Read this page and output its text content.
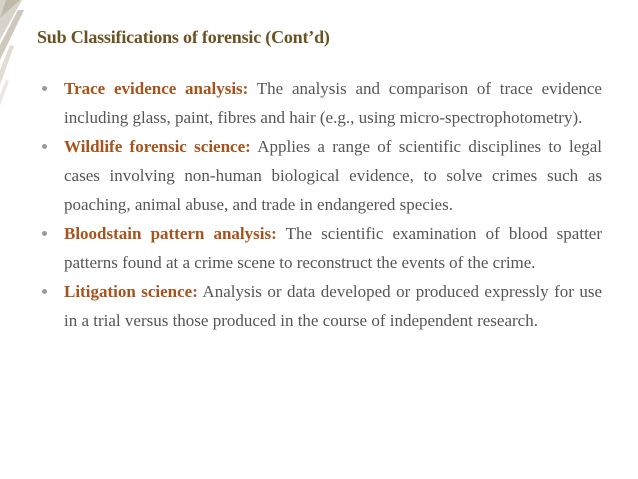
Sub Classifications of forensic (Cont’d)
Trace evidence analysis: The analysis and comparison of trace evidence including glass, paint, fibres and hair (e.g., using micro-spectrophotometry).
Wildlife forensic science: Applies a range of scientific disciplines to legal cases involving non-human biological evidence, to solve crimes such as poaching, animal abuse, and trade in endangered species.
Bloodstain pattern analysis: The scientific examination of blood spatter patterns found at a crime scene to reconstruct the events of the crime.
Litigation science: Analysis or data developed or produced expressly for use in a trial versus those produced in the course of independent research.
